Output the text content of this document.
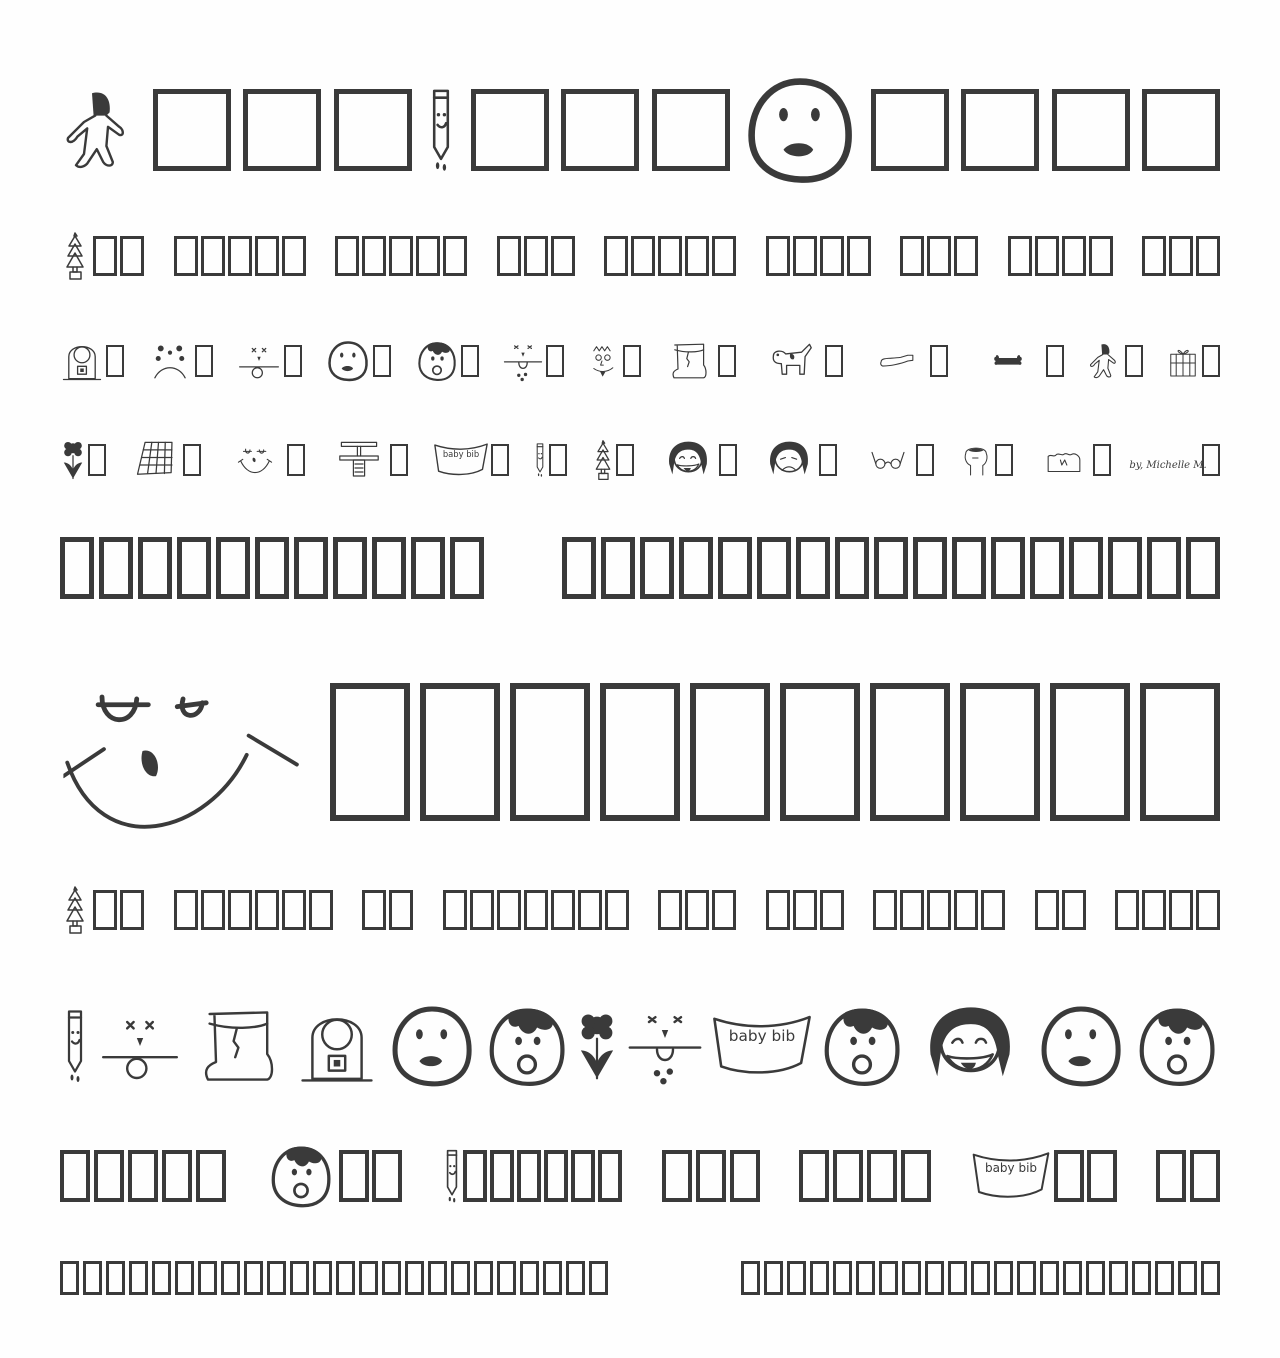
baby bib
by, Michelle M.
baby bib
baby bib
